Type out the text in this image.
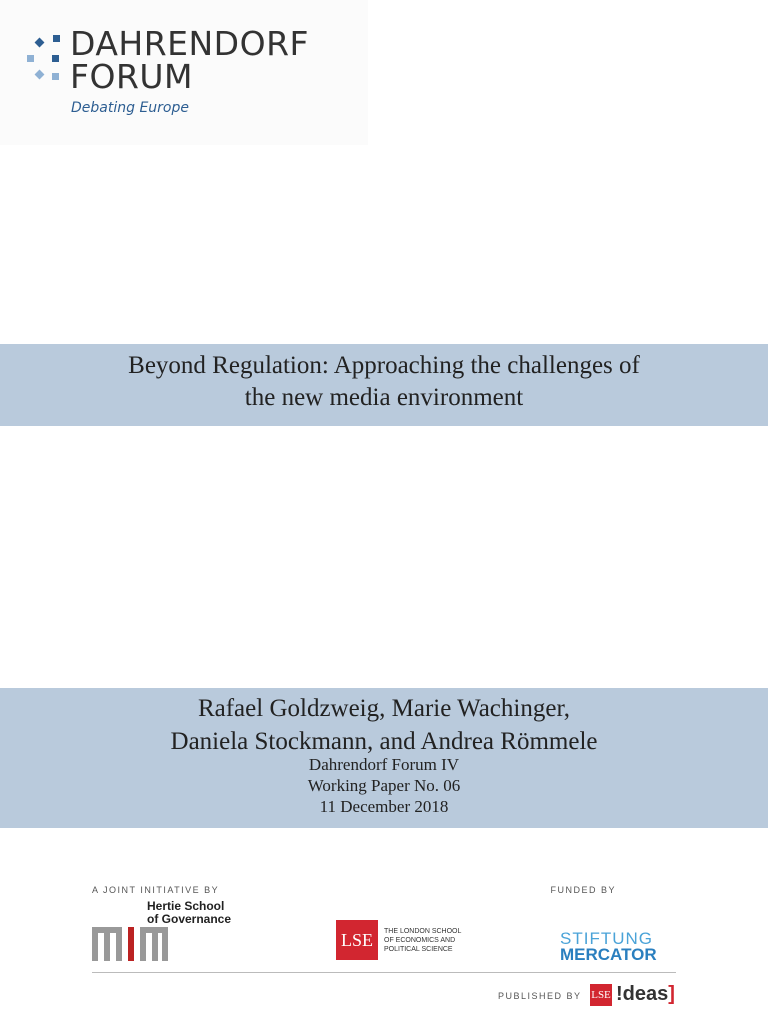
DAHRENDORF
FORUM
Debating Europe
Beyond Regulation: Approaching the challenges of
the new media environment
Rafael Goldzweig, Marie Wachinger,
Daniela Stockmann, and Andrea Römmele
Dahrendorf Forum IV
Working Paper No. 06
11 December 2018
A JOINT INITIATIVE BY	FUNDED BY
Hertie School
of Governance
LSE	THE LONDON SCHOOL
OF ECONOMICS AND
POLITICAL SCIENCE
STIFTUNG
MERCATOR
PUBLISHED BY LSE !deas]
